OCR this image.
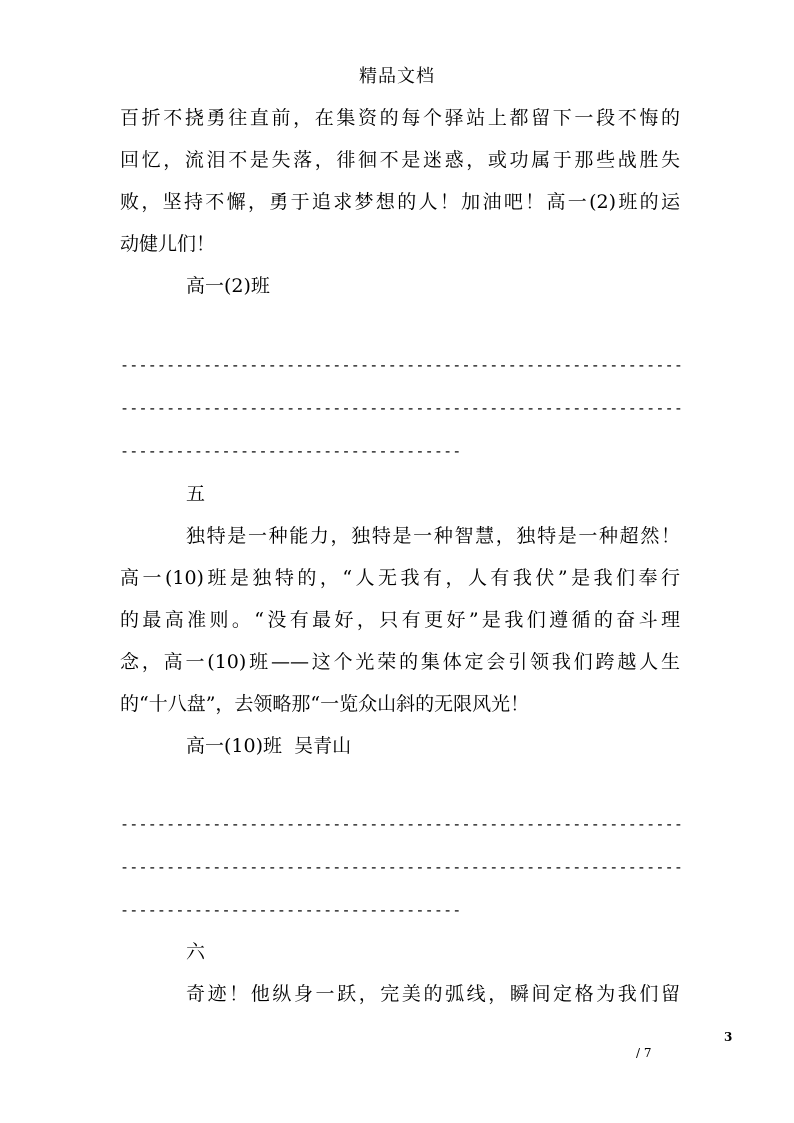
精品文档
百折不挠勇往直前，在集资的每个驿站上都留下一段不悔的
回忆，流泪不是失落，徘徊不是迷惑，或功属于那些战胜失
败，坚持不懈，勇于追求梦想的人！加油吧！高一(2)班的运
动健儿们！
高一(2)班
-------------------------------------------------------------
-------------------------------------------------------------
-------------------------------------
五
独特是一种能力，独特是一种智慧，独特是一种超然！
高一(10)班是独特的，“人无我有，人有我伏”是我们奉行
的最高准则。“没有最好，只有更好”是我们遵循的奋斗理
念，高一(10)班——这个光荣的集体定会引领我们跨越人生
的“十八盘”，去领略那“一览众山斜的无限风光！
高一(10)班  吴青山
-------------------------------------------------------------
-------------------------------------------------------------
-------------------------------------
六
奇迹！他纵身一跃，完美的弧线，瞬间定格为我们留
/ 7
3
